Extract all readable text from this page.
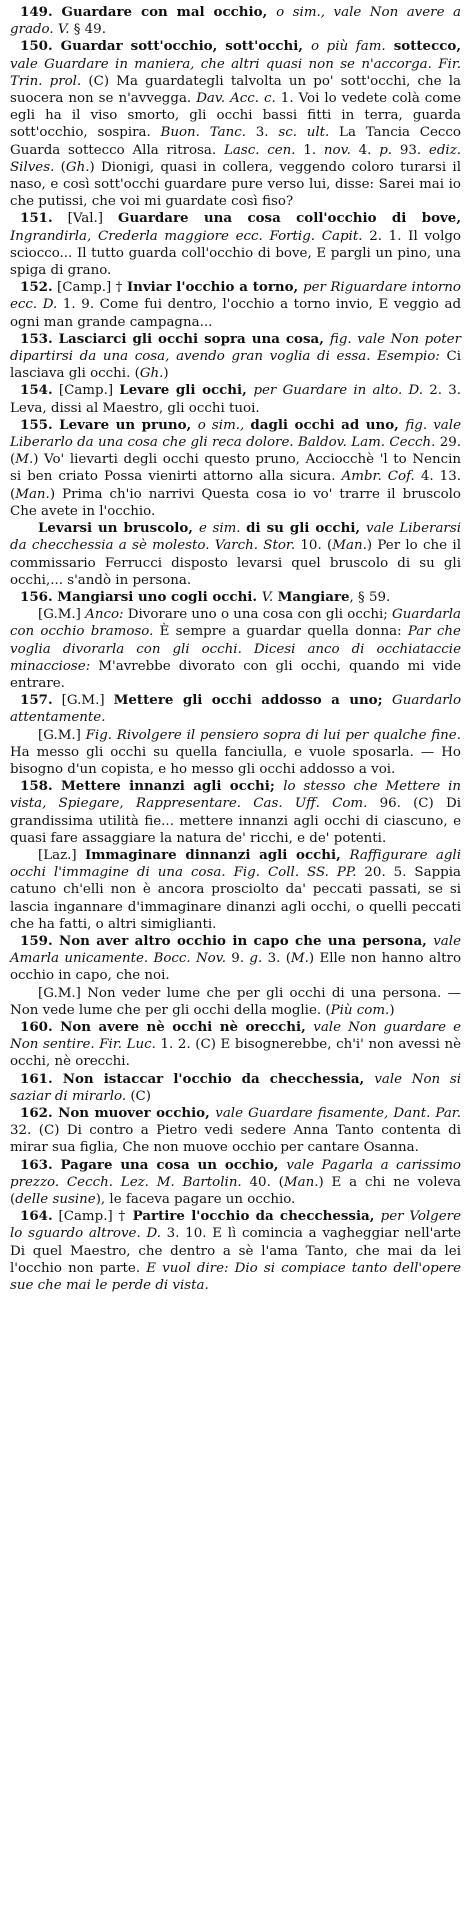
149. Guardare con mal occhio, o sim., vale Non avere a grado. V. § 49.

150. Guardar sott'occhio, sott'occhi, o più fam. sottecco, vale Guardare in maniera, che altri quasi non se n'accorga. Fir. Trin. prol. (C) Ma guardategli talvolta un po' sott'occhi, che la suocera non se n'avvegga. Dav. Acc. c. 1. Voi lo vedete colà come egli ha il viso smorto, gli occhi bassi fitti in terra, guarda sott'occhio, sospira. Buon. Tanc. 3. sc. ult. La Tancia Cecco Guarda sottecco Alla ritrosa. Lasc. cen. 1. nov. 4. p. 93. ediz. Silves. (Gh.) Dionigi, quasi in collera, veggendo coloro turarsi il naso, e così sott'occhi guardare pure verso lui, disse: Sarei mai io che putissi, che voi mi guardate così fiso?

151. [Val.] Guardare una cosa coll'occhio di bove, Ingrandirla, Crederla maggiore ecc. Fortig. Capit. 2. 1. Il volgo sciocco... Il tutto guarda coll'occhio di bove, E pargli un pino, una spiga di grano.

152. [Camp.] † Inviar l'occhio a torno, per Riguardare intorno ecc. D. 1. 9. Come fui dentro, l'occhio a torno invio, E veggio ad ogni man grande campagna...

153. Lasciarci gli occhi sopra una cosa, fig. vale Non poter dipartirsi da una cosa, avendo gran voglia di essa. Esempio: Ci lasciava gli occhi. (Gh.)

154. [Camp.] Levare gli occhi, per Guardare in alto. D. 2. 3. Leva, dissi al Maestro, gli occhi tuoi.

155. Levare un pruno, o sim., dagli occhi ad uno, fig. vale Liberarlo da una cosa che gli reca dolore. Baldov. Lam. Cecch. 29. (M.) Vo' lievarti degli occhi questo pruno, Acciocchè 'l to Nencin si ben criato Possa vienirti attorno alla sicura. Ambr. Cof. 4. 13. (Man.) Prima ch'io narrivi Questa cosa io vo' trarre il bruscolo Che avete in l'occhio.

Levarsi un bruscolo, e sim. di su gli occhi, vale Liberarsi da checchessia a sè molesto. Varch. Stor. 10. (Man.) Per lo che il commissario Ferrucci disposto levarsi quel bruscolo di su gli occhi,... s'andò in persona.

156. Mangiarsi uno cogli occhi. V. Mangiare, § 59.

[G.M.] Anco: Divorare uno o una cosa con gli occhi; Guardarla con occhio bramoso. È sempre a guardar quella donna: Par che voglia divorarla con gli occhi. Dicesi anco di occhiataccie minacciose: M'avrebbe divorato con gli occhi, quando mi vide entrare.

157. [G.M.] Mettere gli occhi addosso a uno; Guardarlo attentamente.

[G.M.] Fig. Rivolgere il pensiero sopra di lui per qualche fine. Ha messo gli occhi su quella fanciulla, e vuole sposarla. — Ho bisogno d'un copista, e ho messo gli occhi addosso a voi.

158. Mettere innanzi agli occhi; lo stesso che Mettere in vista, Spiegare, Rappresentare. Cas. Uff. Com. 96. (C) Di grandissima utilità fie... mettere innanzi agli occhi di ciascuno, e quasi fare assaggiare la natura de' ricchi, e de' potenti.

[Laz.] Immaginare dinnanzi agli occhi, Raffigurare agli occhi l'immagine di una cosa. Fig. Coll. SS. PP. 20. 5. Sappia catuno ch'elli non è ancora prosciolto da' peccati passati, se si lascia ingannare d'immaginare dinanzi agli occhi, o quelli peccati che ha fatti, o altri simiglianti.

159. Non aver altro occhio in capo che una persona, vale Amarla unicamente. Bocc. Nov. 9. g. 3. (M.) Elle non hanno altro occhio in capo, che noi.

[G.M.] Non veder lume che per gli occhi di una persona. — Non vede lume che per gli occhi della moglie. (Più com.)

160. Non avere nè occhi nè orecchi, vale Non guardare e Non sentire. Fir. Luc. 1. 2. (C) E bisognerebbe, ch'i' non avessi nè occhi, nè orecchi.

161. Non istaccar l'occhio da checchessia, vale Non si saziar di mirarlo. (C)

162. Non muover occhio, vale Guardare fisamente, Dant. Par. 32. (C) Di contro a Pietro vedi sedere Anna Tanto contenta di mirar sua figlia, Che non muove occhio per cantare Osanna.

163. Pagare una cosa un occhio, vale Pagarla a carissimo prezzo. Cecch. Lez. M. Bartolin. 40. (Man.) E a chi ne voleva (delle susine), le faceva pagare un occhio.

164. [Camp.] † Partire l'occhio da checchessia, per Volgere lo sguardo altrove. D. 3. 10. E lì comincia a vagheggiar nell'arte Di quel Maestro, che dentro a sè l'ama Tanto, che mai da lei l'occhio non parte. E vuol dire: Dio si compiace tanto dell'opere sue che mai le perde di vista.
